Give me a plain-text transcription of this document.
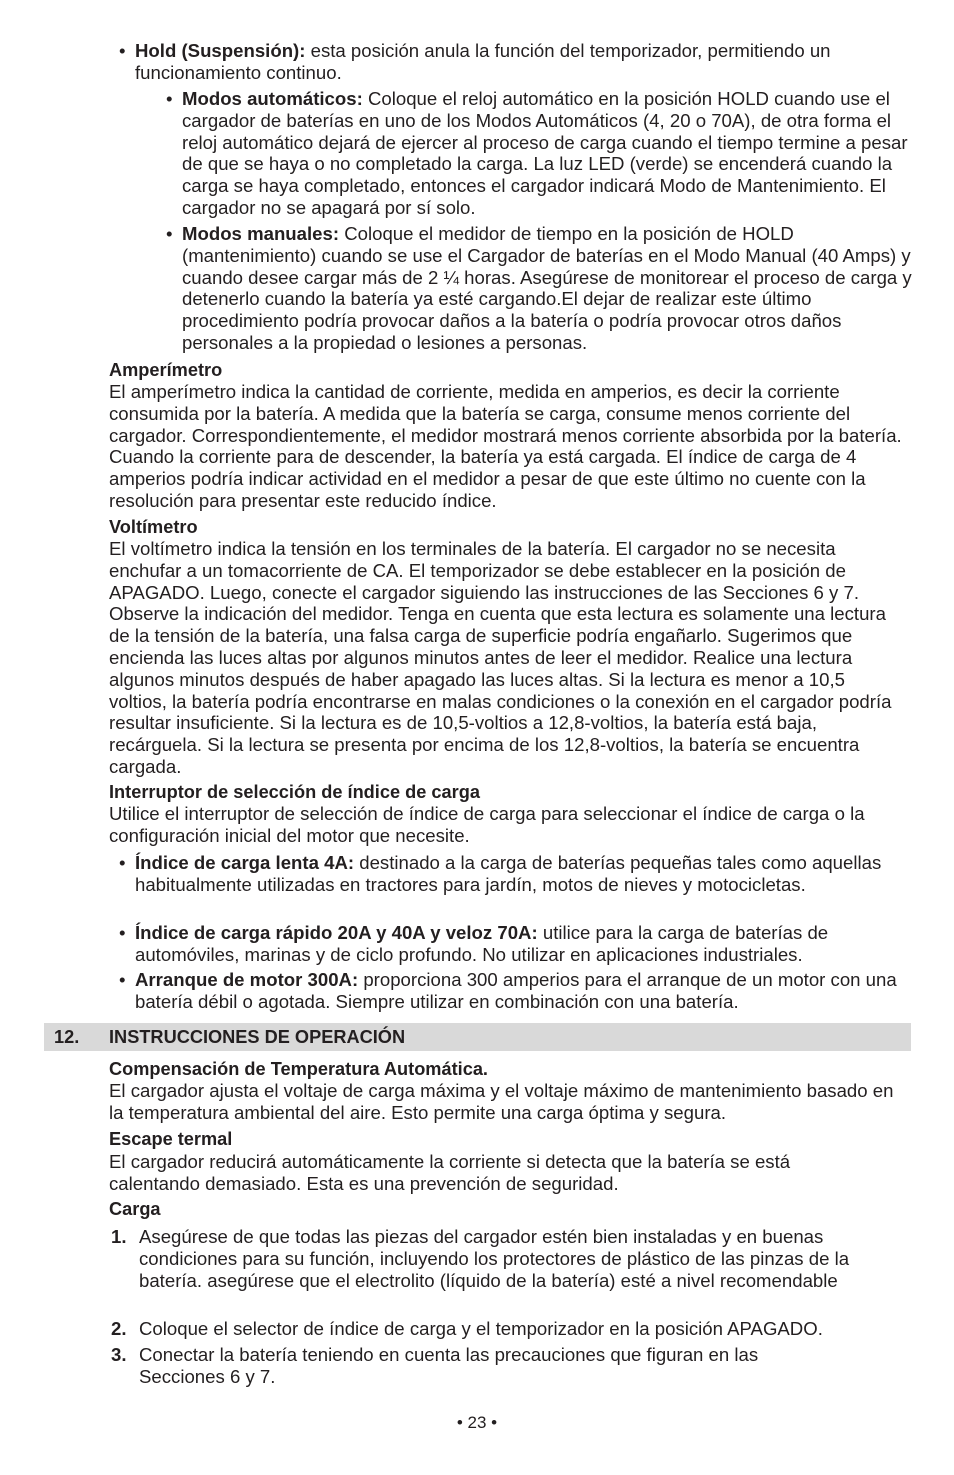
• Hold (Suspensión): esta posición anula la función del temporizador, permitiendo un funcionamiento continuo.
• Modos automáticos: Coloque el reloj automático en la posición HOLD cuando use el cargador de baterías en uno de los Modos Automáticos (4, 20 o 70A), de otra forma el reloj automático dejará de ejercer al proceso de carga cuando el tiempo termine a pesar de que se haya o no completado la carga. La luz LED (verde) se encenderá cuando la carga se haya completado, entonces el cargador indicará Modo de Mantenimiento. El cargador no se apagará por sí solo.
• Modos manuales: Coloque el medidor de tiempo en la posición de HOLD (mantenimiento) cuando se use el Cargador de baterías en el Modo Manual (40 Amps) y cuando desee cargar más de 2 ¼ horas. Asegúrese de monitorear el proceso de carga y detenerlo cuando la batería ya esté cargando.El dejar de realizar este último procedimiento podría provocar daños a la batería o podría provocar otros daños personales a la propiedad o lesiones a personas.
Amperímetro
El amperímetro indica la cantidad de corriente, medida en amperios, es decir la corriente consumida por la batería. A medida que la batería se carga, consume menos corriente del cargador. Correspondientemente, el medidor mostrará menos corriente absorbida por la batería. Cuando la corriente para de descender, la batería ya está cargada. El índice de carga de 4 amperios podría indicar actividad en el medidor a pesar de que este último no cuente con la resolución para presentar este reducido índice.
Voltímetro
El voltímetro indica la tensión en los terminales de la batería. El cargador no se necesita enchufar a un tomacorriente de CA. El temporizador se debe establecer en la posición de APAGADO. Luego, conecte el cargador siguiendo las instrucciones de las Secciones 6 y 7. Observe la indicación del medidor. Tenga en cuenta que esta lectura es solamente una lectura de la tensión de la batería, una falsa carga de superficie podría engañarlo. Sugerimos que encienda las luces altas por algunos minutos antes de leer el medidor. Realice una lectura algunos minutos después de haber apagado las luces altas. Si la lectura es menor a 10,5 voltios, la batería podría encontrarse en malas condiciones o la conexión en el cargador podría resultar insuficiente. Si la lectura es de 10,5-voltios a 12,8-voltios, la batería está baja, recárguela. Si la lectura se presenta por encima de los 12,8-voltios, la batería se encuentra cargada.
Interruptor de selección de índice de carga
Utilice el interruptor de selección de índice de carga para seleccionar el índice de carga o la configuración inicial del motor que necesite.
• Índice de carga lenta 4A: destinado a la carga de baterías pequeñas tales como aquellas habitualmente utilizadas en tractores para jardín, motos de nieves y motocicletas.
• Índice de carga rápido 20A y 40A y veloz 70A: utilice para la carga de baterías de automóviles, marinas y de ciclo profundo. No utilizar en aplicaciones industriales.
• Arranque de motor 300A: proporciona 300 amperios para el arranque de un motor con una batería débil o agotada. Siempre utilizar en combinación con una batería.
12. INSTRUCCIONES DE OPERACIÓN
Compensación de Temperatura Automática.
El cargador ajusta el voltaje de carga máxima y el voltaje máximo de mantenimiento basado en la temperatura ambiental del aire. Esto permite una carga óptima y segura.
Escape termal
El cargador reducirá automáticamente la corriente si detecta que la batería se está calentando demasiado. Esta es una prevención de seguridad.
Carga
1. Asegúrese de que todas las piezas del cargador estén bien instaladas y en buenas condiciones para su función, incluyendo los protectores de plástico de las pinzas de la batería. asegúrese que el electrolito (líquido de la batería) esté a nivel recomendable
2. Coloque el selector de índice de carga y el temporizador en la posición APAGADO.
3. Conectar la batería teniendo en cuenta las precauciones que figuran en las Secciones 6 y 7.
• 23 •
